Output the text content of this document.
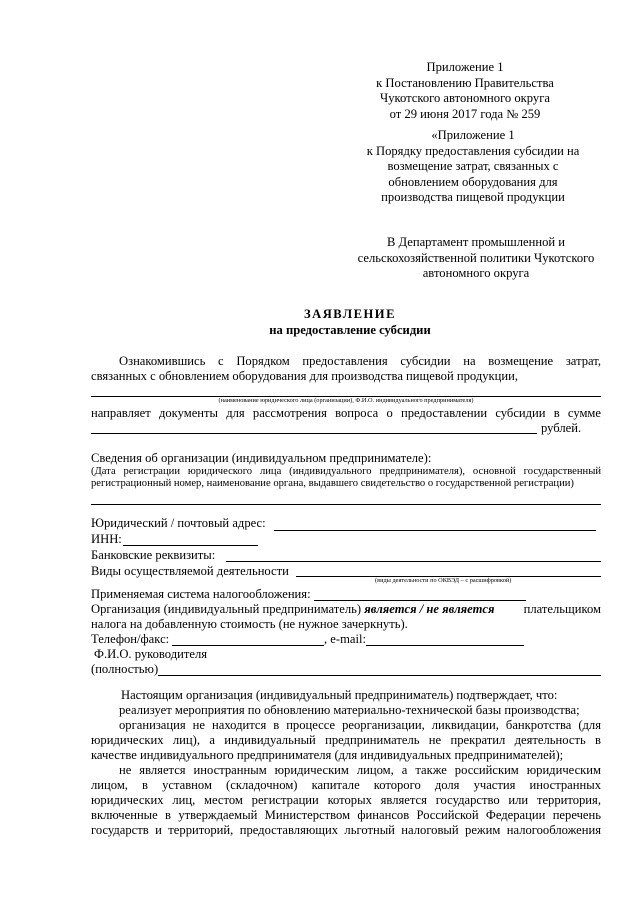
Приложение 1
к Постановлению Правительства
Чукотского автономного округа
от 29 июня 2017 года № 259
«Приложение 1
к Порядку предоставления субсидии на
возмещение затрат, связанных с
обновлением оборудования для
производства пищевой продукции
В Департамент промышленной и
сельскохозяйственной политики Чукотского
автономного округа
ЗАЯВЛЕНИЕ
на предоставление субсидии
Ознакомившись с Порядком предоставления субсидии на возмещение затрат,
связанных с обновлением оборудования для производства пищевой продукции,
(наименование юридического лица (организации), Ф.И.О. индивидуального предпринимателя)
направляет документы для рассмотрения вопроса о предоставлении субсидии в сумме
рублей.
Сведения об организации (индивидуальном предпринимателе):
(Дата регистрации юридического лица (индивидуального предпринимателя), основной государственный
регистрационный номер, наименование органа, выдавшего свидетельство о государственной регистрации)
Юридический / почтовый адрес:
ИНН:
Банковские реквизиты:
Виды осуществляемой деятельности
(виды деятельности по ОКВЭД – с расшифровкой)
Применяемая система налогообложения:
Организация (индивидуальный предприниматель) является / не является плательщиком
налога на добавленную стоимость (не нужное зачеркнуть).
Телефон/факс:	, e-mail:
Ф.И.О. руководителя
(полностью)
Настоящим организация (индивидуальный предприниматель) подтверждает, что:
реализует мероприятия по обновлению материально-технической базы производства;
организация не находится в процессе реорганизации, ликвидации, банкротства (для
юридических лиц), а индивидуальный предприниматель не прекратил деятельность в
качестве индивидуального предпринимателя (для индивидуальных предпринимателей);
не является иностранным юридическим лицом, а также российским юридическим
лицом, в уставном (складочном) капитале которого доля участия иностранных
юридических лиц, местом регистрации которых является государство или территория,
включенные в утверждаемый Министерством финансов Российской Федерации перечень
государств и территорий, предоставляющих льготный налоговый режим налогообложения
